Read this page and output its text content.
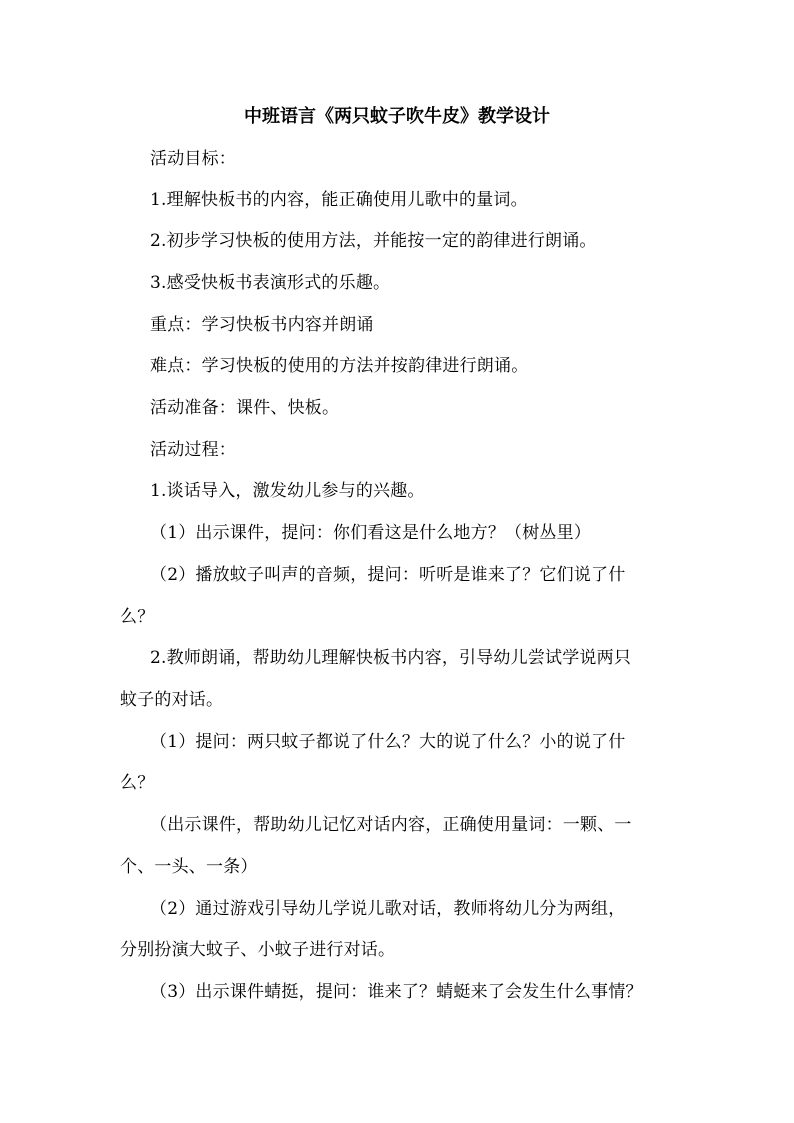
中班语言《两只蚊子吹牛皮》教学设计
活动目标：
1.理解快板书的内容，能正确使用儿歌中的量词。
2.初步学习快板的使用方法，并能按一定的韵律进行朗诵。
3.感受快板书表演形式的乐趣。
重点：学习快板书内容并朗诵
难点：学习快板的使用的方法并按韵律进行朗诵。
活动准备：课件、快板。
活动过程：
1.谈话导入，激发幼儿参与的兴趣。
（1）出示课件，提问：你们看这是什么地方？（树丛里）
（2）播放蚊子叫声的音频，提问：听听是谁来了？它们说了什
么？
2.教师朗诵，帮助幼儿理解快板书内容，引导幼儿尝试学说两只
蚊子的对话。
（1）提问：两只蚊子都说了什么？大的说了什么？小的说了什
么？
（出示课件，帮助幼儿记忆对话内容，正确使用量词：一颗、一
个、一头、一条）
（2）通过游戏引导幼儿学说儿歌对话，教师将幼儿分为两组，
分别扮演大蚊子、小蚊子进行对话。
（3）出示课件蜻挺，提问：谁来了？蜻蜓来了会发生什么事情？
